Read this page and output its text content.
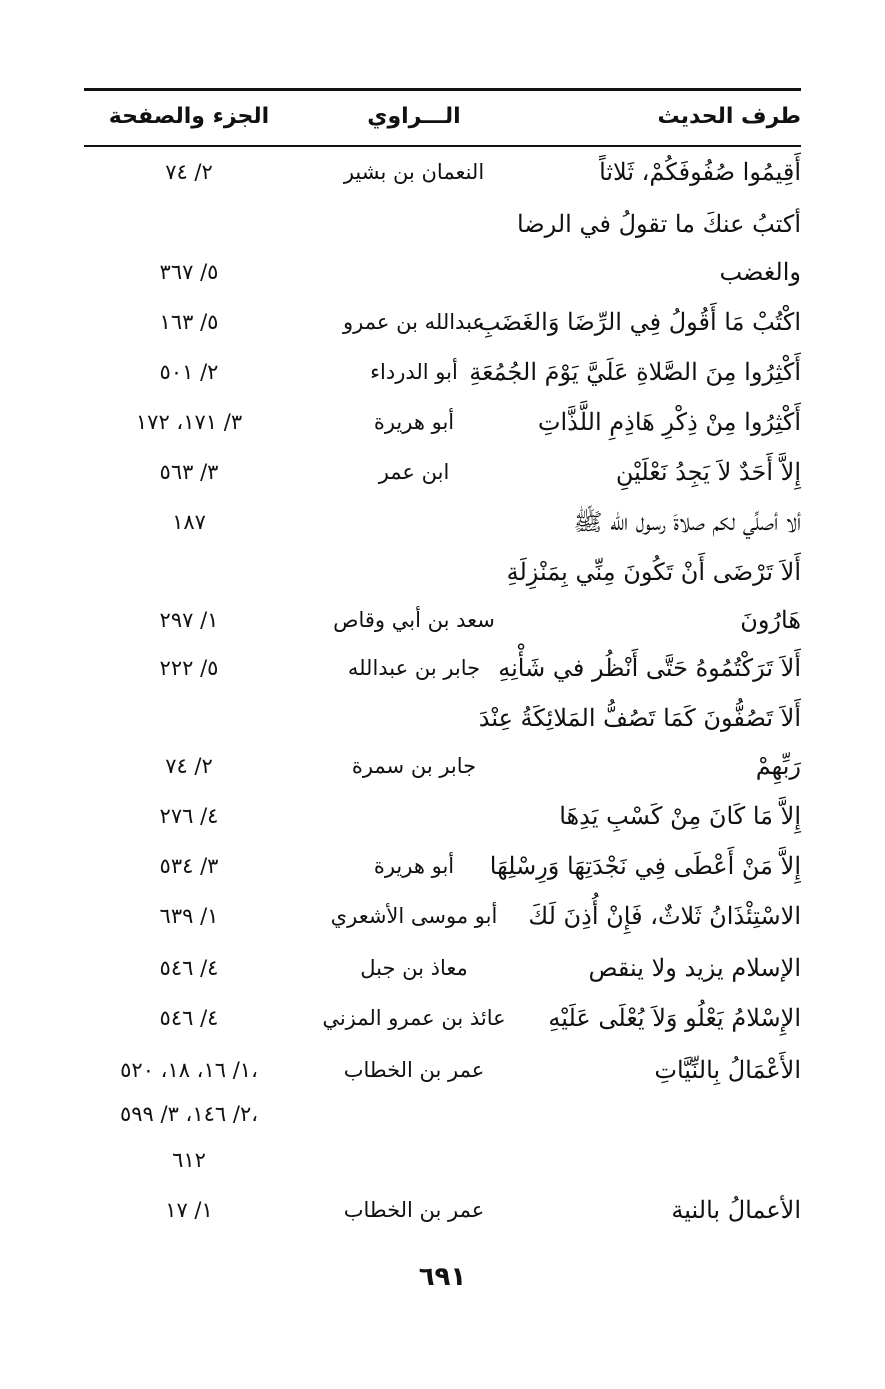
طرف الحديث
الـــراوي
الجزء والصفحة
أَقِيمُوا صُفُوفَكُمْ، ثَلاثاً
النعمان بن بشير
٢/ ٧٤
أكتبُ عنكَ ما تقولُ في الرضا
والغضب
٥/ ٣٦٧
اكْتُبْ مَا أَقُولُ فِي الرِّضَا وَالغَضَبِ
عبدالله بن عمرو
٥/ ١٦٣
أَكْثِرُوا مِنَ الصَّلاةِ عَلَيَّ يَوْمَ الجُمُعَةِ
أبو الدرداء
٢/ ٥٠١
أَكْثِرُوا مِنْ ذِكْرِ هَاذِمِ اللَّذَّاتِ
أبو هريرة
٣/ ١٧١، ١٧٢
إِلاَّ أَحَدٌ لاَ يَجِدُ نَعْلَيْنِ
ابن عمر
٣/ ٥٦٣
ألا أصلِّي لكم صلاةَ رسول الله ﷺ
١٨٧
أَلاَ تَرْضَى أَنْ تَكُونَ مِنِّي بِمَنْزِلَةِ
هَارُونَ
سعد بن أبي وقاص
١/ ٢٩٧
أَلاَ تَرَكْتُمُوهُ حَتَّى أَنْظُر في شَأْنِهِ
جابر بن عبدالله
٥/ ٢٢٢
أَلاَ تَصُفُّونَ كَمَا تَصُفُّ المَلائِكَةُ عِنْدَ
رَبِّهِمْ
جابر بن سمرة
٢/ ٧٤
إِلاَّ مَا كَانَ مِنْ كَسْبِ يَدِهَا
٤/ ٢٧٦
إِلاَّ مَنْ أَعْطَى فِي نَجْدَتِهَا وَرِسْلِهَا
أبو هريرة
٣/ ٥٣٤
الاسْتِئْذَانُ ثَلاثٌ، فَإِنْ أُذِنَ لَكَ
أبو موسى الأشعري
١/ ٦٣٩
الإسلام يزيد ولا ينقص
معاذ بن جبل
٤/ ٥٤٦
الإِسْلامُ يَعْلُو وَلاَ يُعْلَى عَلَيْهِ
عائذ بن عمرو المزني
٤/ ٥٤٦
الأَعْمَالُ بِالنِّيَّاتِ
عمر بن الخطاب
١/ ١٦، ١٨، ٥٢٠،
٢/ ١٤٦، ٣/ ٥٩٩،
٦١٢
الأعمالُ بالنية
عمر بن الخطاب
١/ ١٧
٦٩١
